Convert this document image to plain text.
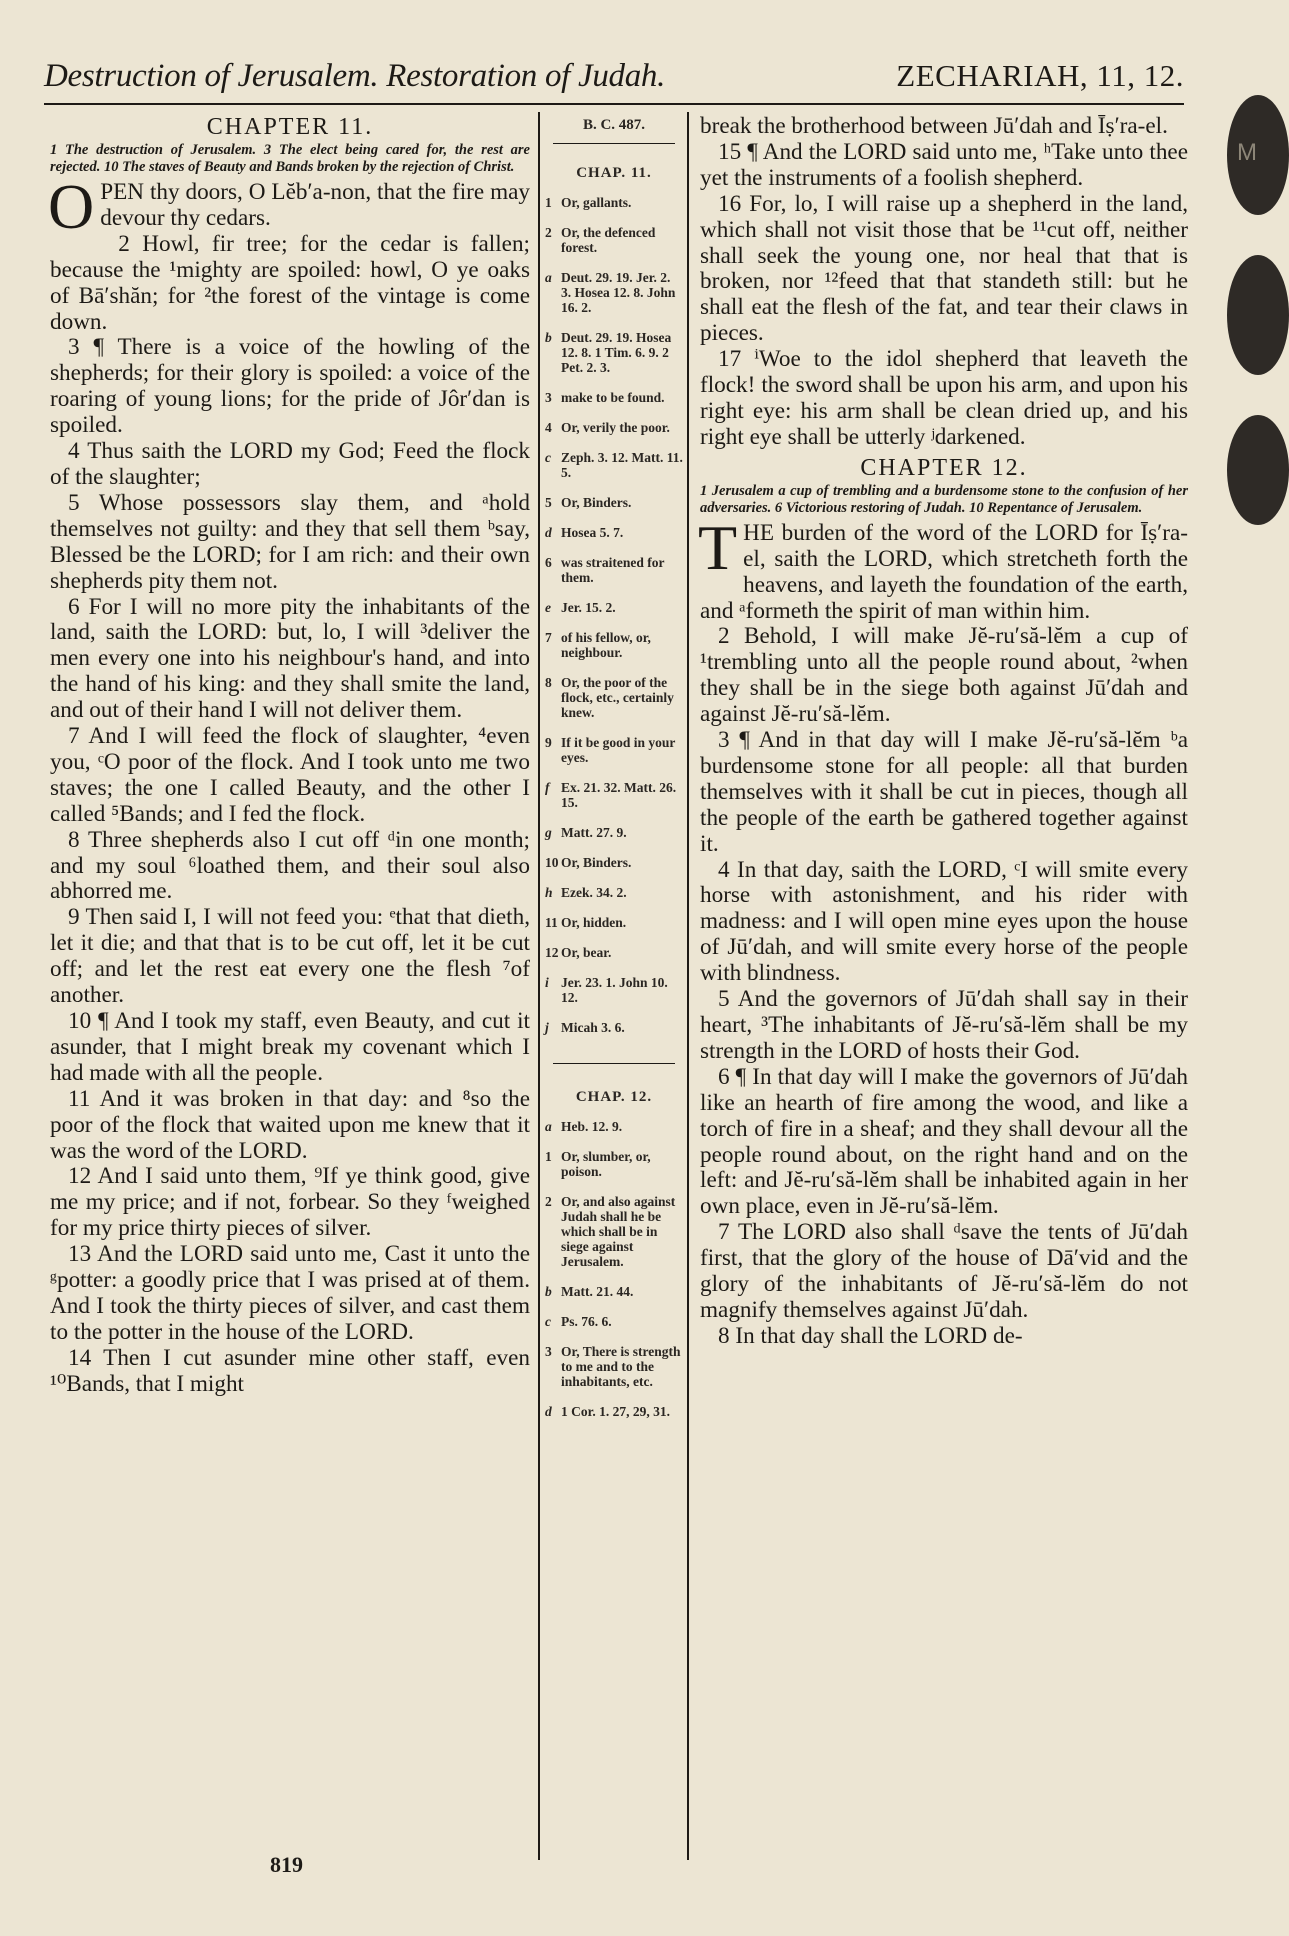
M
Destruction of Jerusalem. Restoration of Judah.	ZECHARIAH, 11, 12.
CHAPTER 11.
1 The destruction of Jerusalem. 3 The elect being cared for, the rest are rejected. 10 The staves of Beauty and Bands broken by the rejection of Christ.

OPEN thy doors, O Lĕb′a-non, that the fire may devour thy cedars.

2 Howl, fir tree; for the cedar is fallen; because the ¹mighty are spoiled: howl, O ye oaks of Bā′shăn; for ²the forest of the vintage is come down.

3 ¶ There is a voice of the howling of the shepherds; for their glory is spoiled: a voice of the roaring of young lions; for the pride of Jôr′dan is spoiled.

4 Thus saith the LORD my God; Feed the flock of the slaughter;

5 Whose possessors slay them, and ᵃhold themselves not guilty: and they that sell them ᵇsay, Blessed be the LORD; for I am rich: and their own shepherds pity them not.

6 For I will no more pity the inhabitants of the land, saith the LORD: but, lo, I will ³deliver the men every one into his neighbour's hand, and into the hand of his king: and they shall smite the land, and out of their hand I will not deliver them.

7 And I will feed the flock of slaughter, ⁴even you, ᶜO poor of the flock. And I took unto me two staves; the one I called Beauty, and the other I called ⁵Bands; and I fed the flock.

8 Three shepherds also I cut off ᵈin one month; and my soul ⁶loathed them, and their soul also abhorred me.

9 Then said I, I will not feed you: ᵉthat that dieth, let it die; and that that is to be cut off, let it be cut off; and let the rest eat every one the flesh ⁷of another.

10 ¶ And I took my staff, even Beauty, and cut it asunder, that I might break my covenant which I had made with all the people.

11 And it was broken in that day: and ⁸so the poor of the flock that waited upon me knew that it was the word of the LORD.

12 And I said unto them, ⁹If ye think good, give me my price; and if not, forbear. So they ᶠweighed for my price thirty pieces of silver.

13 And the LORD said unto me, Cast it unto the ᵍpotter: a goodly price that I was prised at of them. And I took the thirty pieces of silver, and cast them to the potter in the house of the LORD.

14 Then I cut asunder mine other staff, even ¹⁰Bands, that I might

B. C. 487.
CHAP. 11.
1 Or, gallants.
2 Or, the defenced forest.
a Deut. 29. 19. Jer. 2. 3. Hosea 12. 8. John 16. 2.
b Deut. 29. 19. Hosea 12. 8. 1 Tim. 6. 9. 2 Pet. 2. 3.
3 make to be found.
4 Or, verily the poor.
c Zeph. 3. 12. Matt. 11. 5.
5 Or, Binders.
d Hosea 5. 7.
6 was straitened for them.
e Jer. 15. 2.
7 of his fellow, or, neighbour.
8 Or, the poor of the flock, etc., certainly knew.
9 If it be good in your eyes.
f Ex. 21. 32. Matt. 26. 15.
g Matt. 27. 9.
10 Or, Binders.
h Ezek. 34. 2.
11 Or, hidden.
12 Or, bear.
i Jer. 23. 1. John 10. 12.
j Micah 3. 6.
CHAP. 12.
a Heb. 12. 9.
1 Or, slumber, or, poison.
2 Or, and also against Judah shall he be which shall be in siege against Jerusalem.
b Matt. 21. 44.
c Ps. 76. 6.
3 Or, There is strength to me and to the inhabitants, etc.
d 1 Cor. 1. 27, 29, 31.

break the brotherhood between Jū′dah and Īṣ′ra-el.

15 ¶ And the LORD said unto me, ʰTake unto thee yet the instruments of a foolish shepherd.

16 For, lo, I will raise up a shepherd in the land, which shall not visit those that be ¹¹cut off, neither shall seek the young one, nor heal that that is broken, nor ¹²feed that that standeth still: but he shall eat the flesh of the fat, and tear their claws in pieces.

17 ⁱWoe to the idol shepherd that leaveth the flock! the sword shall be upon his arm, and upon his right eye: his arm shall be clean dried up, and his right eye shall be utterly ʲdarkened.

CHAPTER 12.
1 Jerusalem a cup of trembling and a burdensome stone to the confusion of her adversaries. 6 Victorious restoring of Judah. 10 Repentance of Jerusalem.

THE burden of the word of the LORD for Īṣ′ra-el, saith the LORD, which stretcheth forth the heavens, and layeth the foundation of the earth, and ᵃformeth the spirit of man within him.

2 Behold, I will make Jĕ-ru′să-lĕm a cup of ¹trembling unto all the people round about, ²when they shall be in the siege both against Jū′dah and against Jĕ-ru′să-lĕm.

3 ¶ And in that day will I make Jĕ-ru′să-lĕm ᵇa burdensome stone for all people: all that burden themselves with it shall be cut in pieces, though all the people of the earth be gathered together against it.

4 In that day, saith the LORD, ᶜI will smite every horse with astonishment, and his rider with madness: and I will open mine eyes upon the house of Jū′dah, and will smite every horse of the people with blindness.

5 And the governors of Jū′dah shall say in their heart, ³The inhabitants of Jĕ-ru′să-lĕm shall be my strength in the LORD of hosts their God.

6 ¶ In that day will I make the governors of Jū′dah like an hearth of fire among the wood, and like a torch of fire in a sheaf; and they shall devour all the people round about, on the right hand and on the left: and Jĕ-ru′să-lĕm shall be inhabited again in her own place, even in Jĕ-ru′să-lĕm.

7 The LORD also shall ᵈsave the tents of Jū′dah first, that the glory of the house of Dā′vid and the glory of the inhabitants of Jĕ-ru′să-lĕm do not magnify themselves against Jū′dah.

8 In that day shall the LORD de-

819
